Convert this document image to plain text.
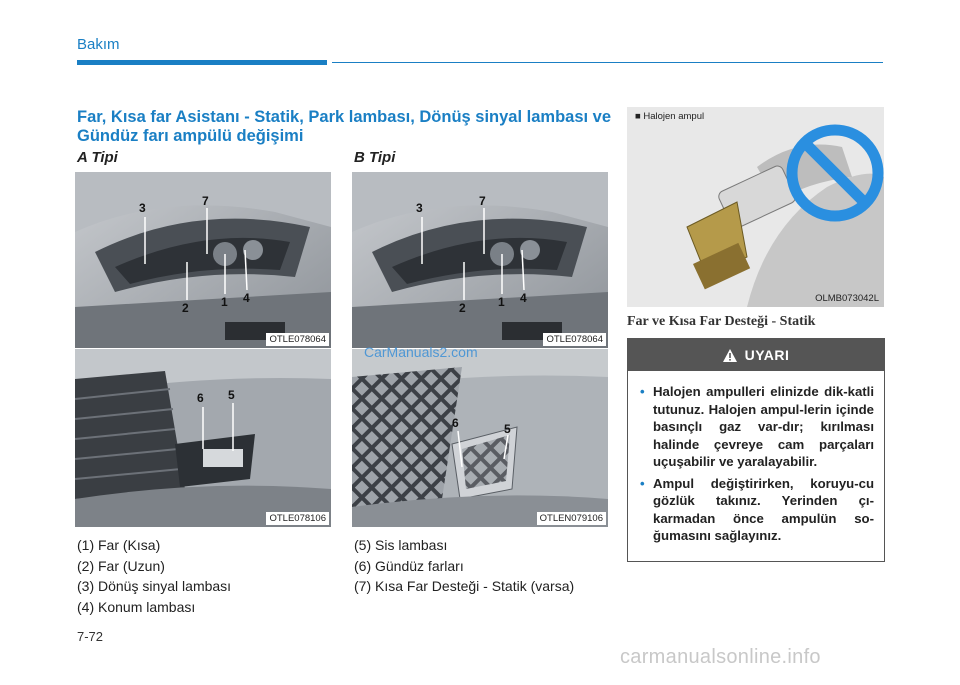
Bakım
Far, Kısa far Asistanı - Statik, Park lambası, Dönüş sinyal lambası ve Gündüz farı ampülü değişimi
A Tipi	B Tipi
3	7
2	1 4
OTLE078064
6 5
OTLE078106
3	7
2	1 4
OTLE078064
6	5
OTLEN079106
CarManuals2.com
■ Halojen ampul
OLMB073042L
Far ve Kısa Far Desteği - Statik
(1) Far (Kısa)
(2) Far (Uzun)
(3) Dönüş sinyal lambası
(4) Konum lambası
(5) Sis lambası
(6) Gündüz farları
(7) Kısa Far Desteği - Statik (varsa)
UYARI
• Halojen ampulleri elinizde dik-katli tutunuz. Halojen ampul-lerin içinde basınçlı gaz var-dır; kırılması halinde çevreye cam parçaları uçuşabilir ve yaralayabilir.
• Ampul değiştirirken, koruyu-cu gözlük takınız. Yerinden çı-karmadan önce ampulün so-ğumasını sağlayınız.
7-72
carmanualsonline.info
